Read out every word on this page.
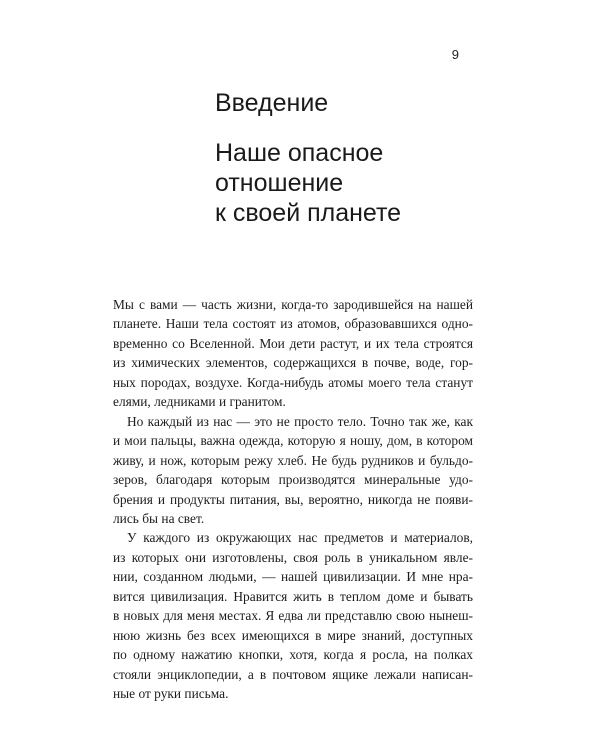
9
Введение
Наше опасное
отношение
к своей планете

Мы с вами — часть жизни, когда-то зародившейся на нашей
планете. Наши тела состоят из атомов, образовавшихся одно-
временно со Вселенной. Мои дети растут, и их тела строятся
из химических элементов, содержащихся в почве, воде, гор-
ных породах, воздухе. Когда-нибудь атомы моего тела станут
елями, ледниками и гранитом.

Но каждый из нас — это не просто тело. Точно так же, как
и мои пальцы, важна одежда, которую я ношу, дом, в котором
живу, и нож, которым режу хлеб. Не будь рудников и бульдо-
зеров, благодаря которым производятся минеральные удо-
брения и продукты питания, вы, вероятно, никогда не появи-
лись бы на свет.

У каждого из окружающих нас предметов и материалов,
из которых они изготовлены, своя роль в уникальном явле-
нии, созданном людьми, — нашей цивилизации. И мне нра-
вится цивилизация. Нравится жить в теплом доме и бывать
в новых для меня местах. Я едва ли представлю свою нынеш-
нюю жизнь без всех имеющихся в мире знаний, доступных
по одному нажатию кнопки, хотя, когда я росла, на полках
стояли энциклопедии, а в почтовом ящике лежали написан-
ные от руки письма.
